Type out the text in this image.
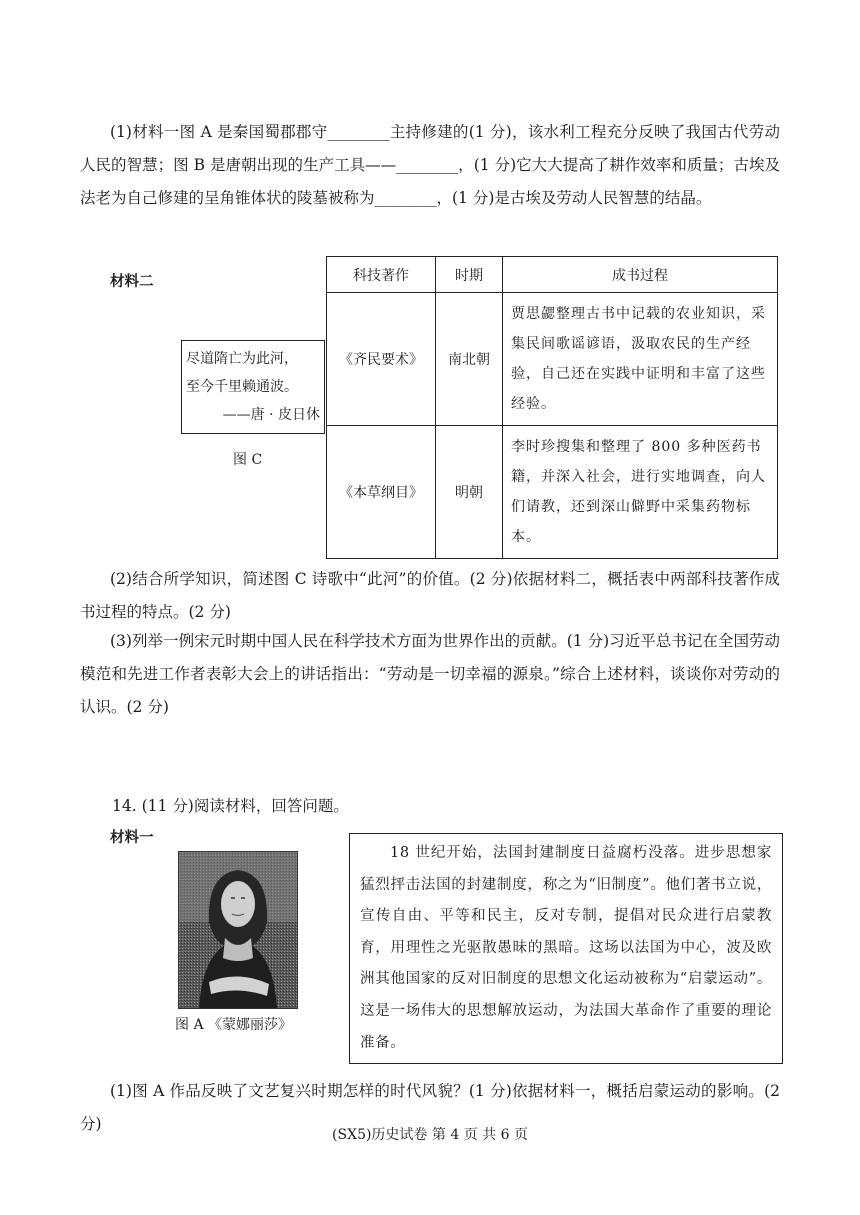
(1)材料一图 A 是秦国蜀郡郡守________主持修建的(1 分)，该水利工程充分反映了我国古代劳动人民的智慧；图 B 是唐朝出现的生产工具——________，(1 分)它大大提高了耕作效率和质量；古埃及法老为自己修建的呈角锥体状的陵墓被称为________，(1 分)是古埃及劳动人民智慧的结晶。

材料二
尽道隋亡为此河，
至今千里赖通波。
——唐 · 皮日休
图 C
科技著作	时期	成书过程
《齐民要术》	南北朝	贾思勰整理古书中记载的农业知识，采集民间歌谣谚语，汲取农民的生产经验，自己还在实践中证明和丰富了这些经验。
《本草纲目》	明朝	李时珍搜集和整理了 800 多种医药书籍，并深入社会，进行实地调查，向人们请教，还到深山僻野中采集药物标本。

(2)结合所学知识，简述图 C 诗歌中“此河”的价值。(2 分)依据材料二，概括表中两部科技著作成书过程的特点。(2 分)

(3)列举一例宋元时期中国人民在科学技术方面为世界作出的贡献。(1 分)习近平总书记在全国劳动模范和先进工作者表彰大会上的讲话指出：“劳动是一切幸福的源泉。”综合上述材料，谈谈你对劳动的认识。(2 分)

14. (11 分)阅读材料，回答问题。

材料一
图 A 《蒙娜丽莎》
18 世纪开始，法国封建制度日益腐朽没落。进步思想家猛烈抨击法国的封建制度，称之为“旧制度”。他们著书立说，宣传自由、平等和民主，反对专制，提倡对民众进行启蒙教育，用理性之光驱散愚昧的黑暗。这场以法国为中心，波及欧洲其他国家的反对旧制度的思想文化运动被称为“启蒙运动”。这是一场伟大的思想解放运动，为法国大革命作了重要的理论准备。

(1)图 A 作品反映了文艺复兴时期怎样的时代风貌？(1 分)依据材料一，概括启蒙运动的影响。(2 分)

(SX5)历史试卷 第 4 页 共 6 页
